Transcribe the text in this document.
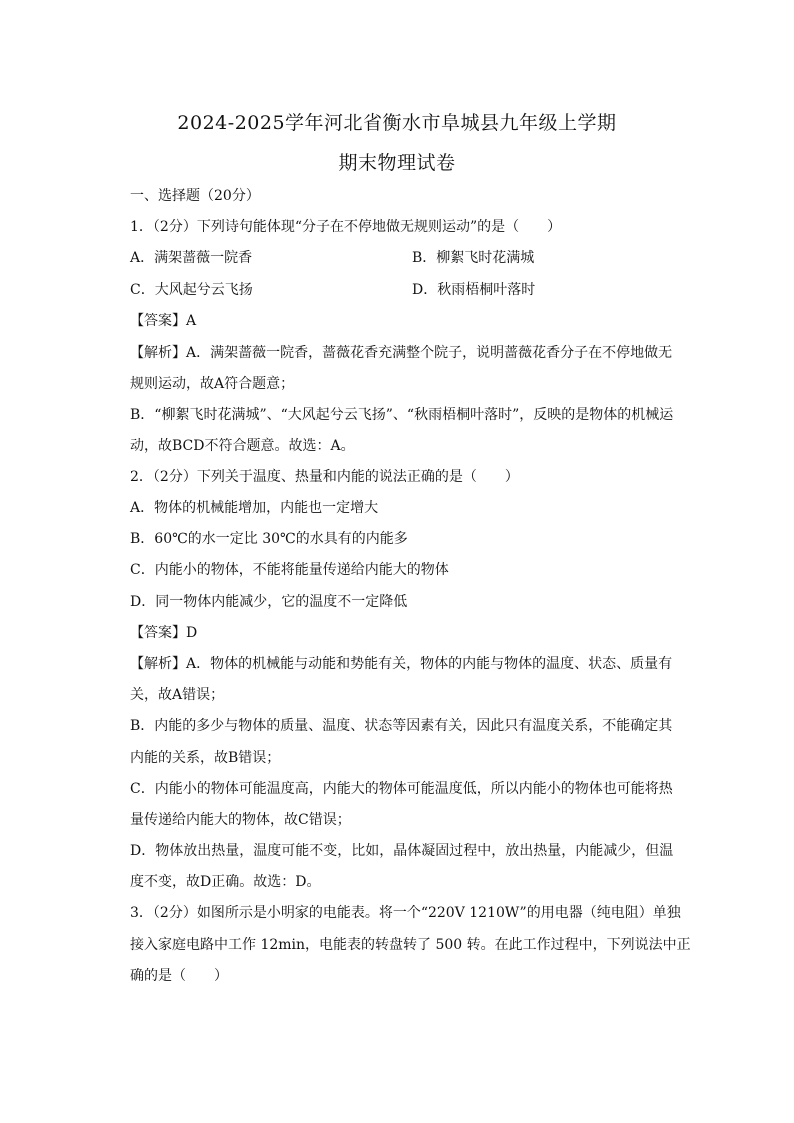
2024-2025学年河北省衡水市阜城县九年级上学期
期末物理试卷
一、选择题（20分）
1．（2分）下列诗句能体现“分子在不停地做无规则运动”的是（　　）
A．满架蔷薇一院香	B．柳絮飞时花满城
C．大风起兮云飞扬	D．秋雨梧桐叶落时
【答案】A
【解析】A．满架蔷薇一院香，蔷薇花香充满整个院子，说明蔷薇花香分子在不停地做无
规则运动，故A符合题意；
B．“柳絮飞时花满城”、“大风起兮云飞扬”、“秋雨梧桐叶落时”，反映的是物体的机械运
动，故BCD不符合题意。故选：A。
2．（2分）下列关于温度、热量和内能的说法正确的是（　　）
A．物体的机械能增加，内能也一定增大
B．60℃的水一定比 30℃的水具有的内能多
C．内能小的物体，不能将能量传递给内能大的物体
D．同一物体内能减少，它的温度不一定降低
【答案】D
【解析】A．物体的机械能与动能和势能有关，物体的内能与物体的温度、状态、质量有
关，故A错误；
B．内能的多少与物体的质量、温度、状态等因素有关，因此只有温度关系，不能确定其
内能的关系，故B错误；
C．内能小的物体可能温度高，内能大的物体可能温度低，所以内能小的物体也可能将热
量传递给内能大的物体，故C错误；
D．物体放出热量，温度可能不变，比如，晶体凝固过程中，放出热量，内能减少，但温
度不变，故D正确。故选：D。
3．（2分）如图所示是小明家的电能表。将一个“220V 1210W”的用电器（纯电阻）单独
接入家庭电路中工作 12min，电能表的转盘转了 500 转。在此工作过程中，下列说法中正
确的是（　　）
